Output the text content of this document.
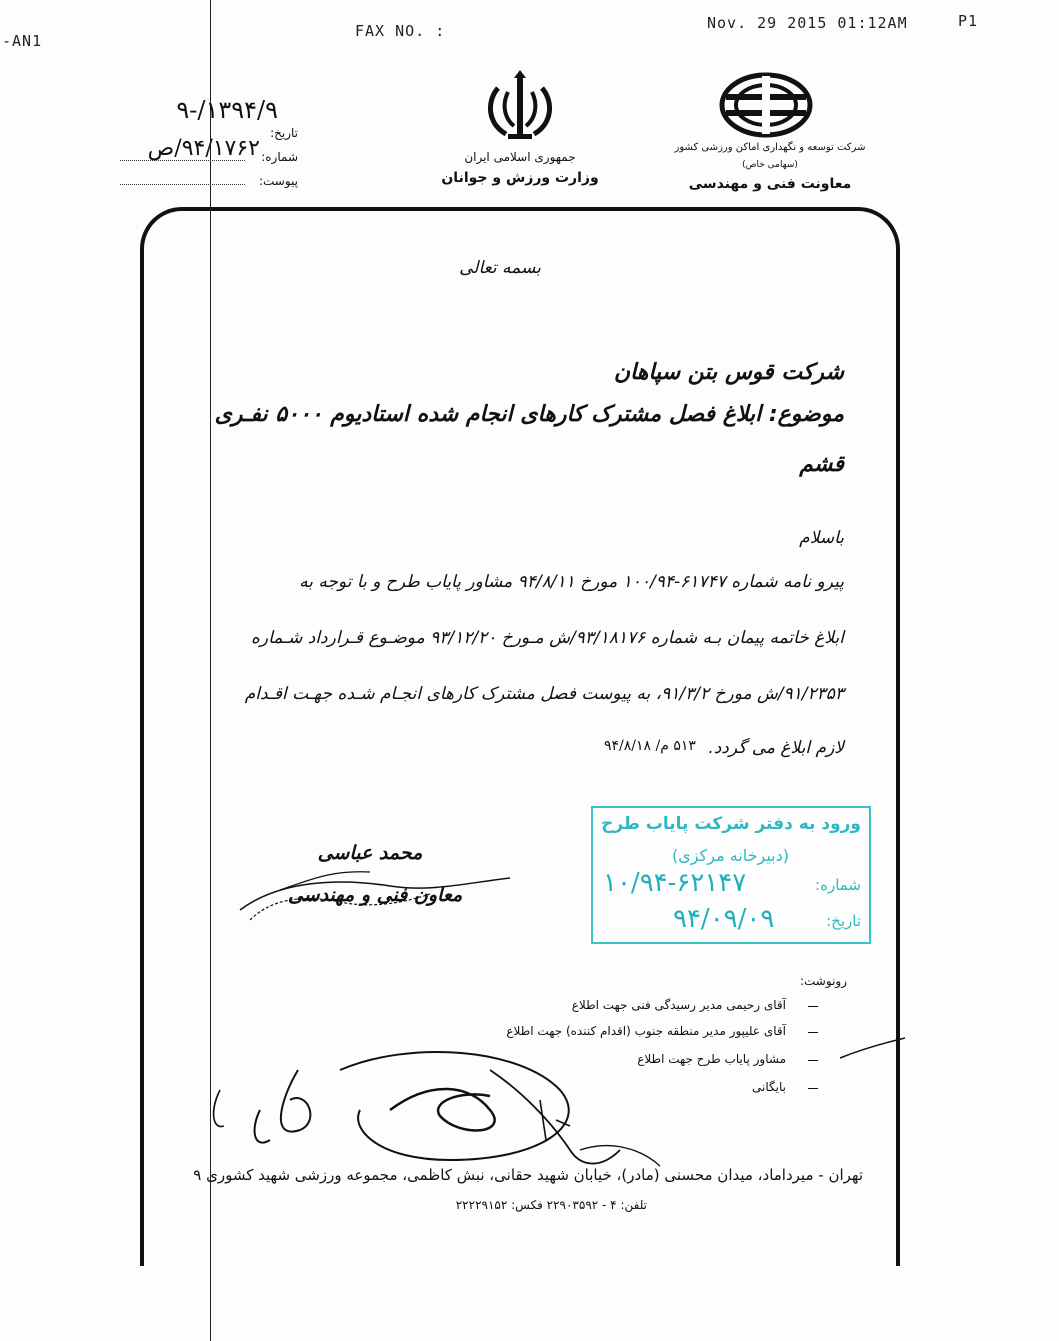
-AN1
FAX NO. :	Nov. 29 2015 01:12AM	P1
۱۳۹۴/۹/-۹
تاریخ:
۹۴/۱۷۶۲/ص شماره:
پیوست:
جمهوری اسلامی ایران
وزارت ورزش و جوانان
شرکت توسعه و نگهداری اماکن ورزشی کشور
(سهامی خاص)
معاونت فنی و مهندسی
بسمه تعالی
شرکت قوس بتن سپاهان
موضوع: ابلاغ فصل مشترک کارهای انجام شده استادیوم ۵۰۰۰ نفـری
قشم
باسلام
پیرو نامه شماره ۶۱۷۴۷-۱۰۰/۹۴ مورخ ۹۴/۸/۱۱ مشاور پایاب طرح و با توجه به
ابلاغ خاتمه پیمان بـه شماره ۹۳/۱۸۱۷۶/ش مـورخ ۹۳/۱۲/۲۰ موضـوع قـرارداد شـماره
۹۱/۲۳۵۳/ش مورخ ۹۱/۳/۲، به پیوست فصل مشترک کارهای انجـام شـده جهـت اقـدام
لازم ابلاغ می گردد.
۵۱۳ م/ ۹۴/۸/۱۸
ورود به دفتر شرکت پایاب طرح
(دبیرخانه مرکزی)
شماره:
۱۰/۹۴-۶۲۱۴۷
تاریخ:
۹۴/۰۹/۰۹
محمد عباسی
معاون فنی و مهندسی
رونوشت:
آقای رحیمی مدیر رسیدگی فنی جهت اطلاع
آقای علیپور مدیر منطقه جنوب (اقدام کننده) جهت اطلاع
مشاور پایاب طرح جهت اطلاع
بایگانی
تهران - میرداماد، میدان محسنی (مادر)، خیابان شهید حقانی، نبش کاظمی، مجموعه ورزشی شهید کشوری ۹
تلفن: ۴ - ۲۲۹۰۳۵۹۲ فکس: ۲۲۲۲۹۱۵۲
